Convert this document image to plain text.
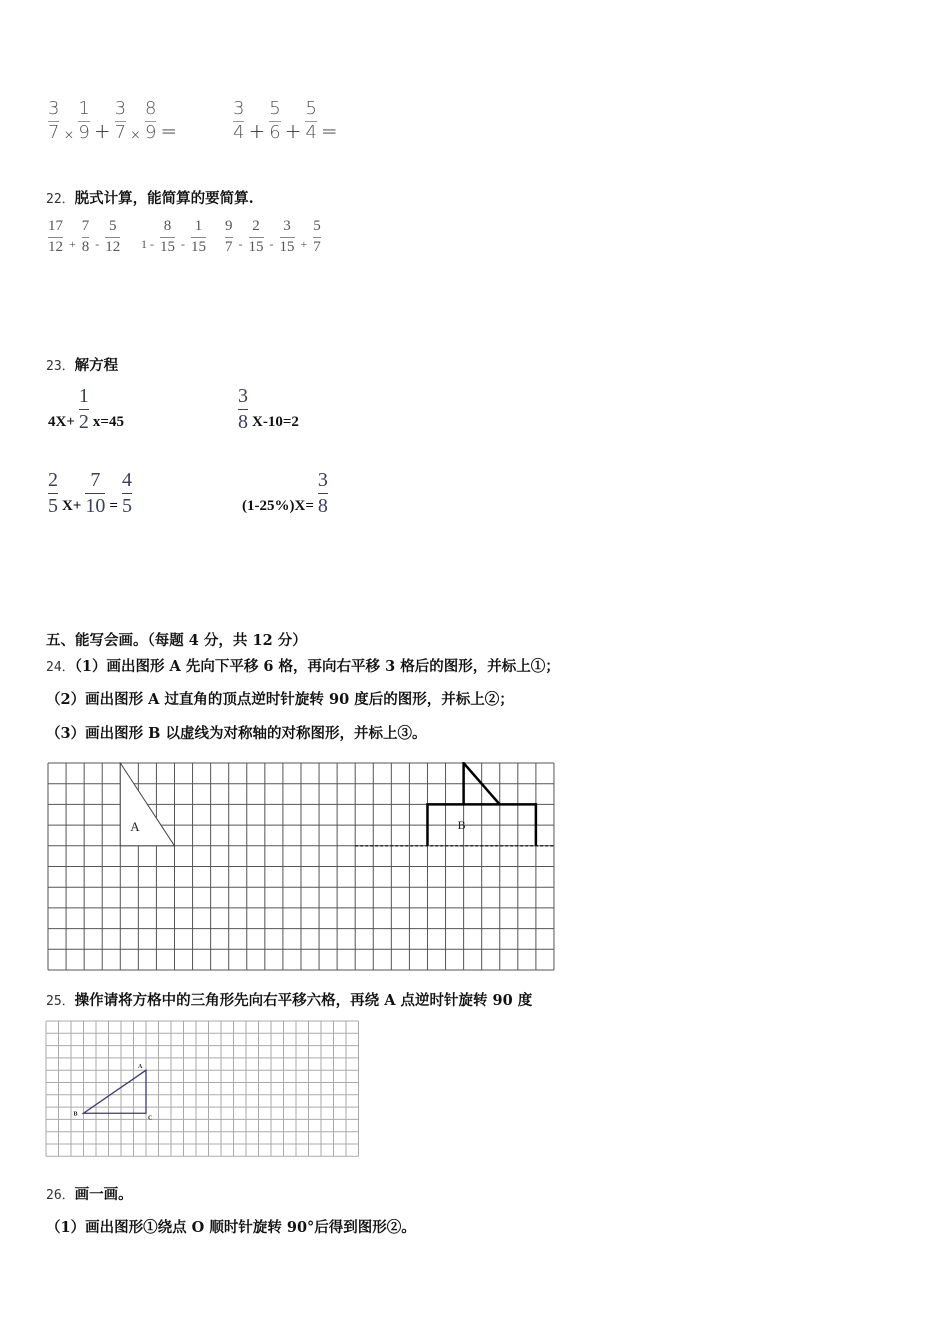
$\frac{3}{7} \times \frac{1}{9} + \frac{3}{7} \times \frac{8}{9}$ =	$\frac{3}{4} + \frac{5}{6} + \frac{5}{4}$ =
22．脱式计算，能简算的要简算.
$\frac{17}{12} + \frac{7}{8} - \frac{5}{12} 1 - \frac{8}{15} - \frac{1}{15} \frac{9}{7} - \frac{2}{15} - \frac{3}{15} + \frac{5}{7}$
23．解方程
$4X+ \frac{1}{2} x=45$	$\frac{3}{8} X-10=2$
$\frac{2}{5} X+ \frac{7}{10} = \frac{4}{5}$	$(1-25\%)X= \frac{3}{8}$
五、能写会画。（每题 4 分，共 12 分）
24．（1）画出图形 A 先向下平移 6 格，再向右平移 3 格后的图形，并标上①；
（2）画出图形 A 过直角的顶点逆时针旋转 90 度后的图形，并标上②；
（3）画出图形 B 以虚线为对称轴的对称图形，并标上③。
A	B
25．操作请将方格中的三角形先向右平移六格，再绕 A 点逆时针旋转 90 度
A
B
C
26．画一画。
（1）画出图形①绕点 O 顺时针旋转 90°后得到图形②。
